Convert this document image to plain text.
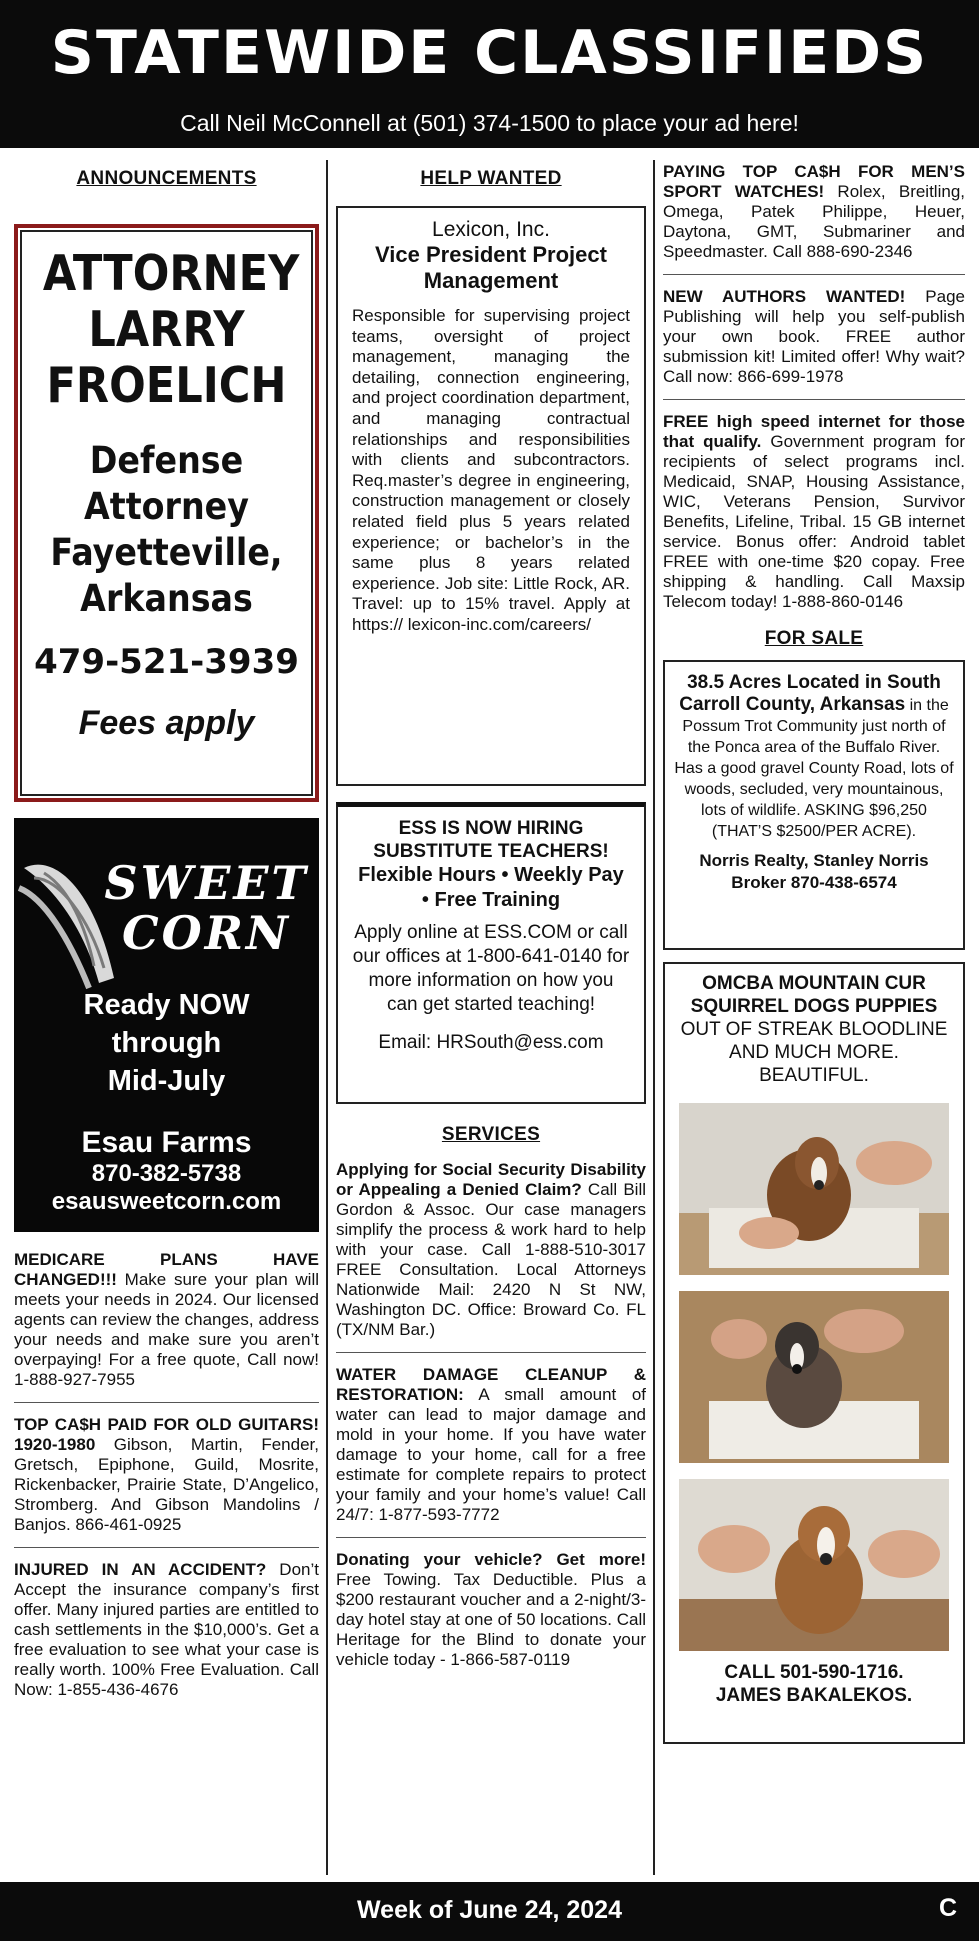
STATEWIDE CLASSIFIEDS
Call Neil McConnell at (501) 374-1500 to place your ad here!
ANNOUNCEMENTS
ATTORNEY
LARRY
FROELICH
Defense
Attorney
Fayetteville,
Arkansas
479-521-3939
Fees apply
SWEET
CORN
Ready NOW
through
Mid-July
Esau Farms
870-382-5738
esausweetcorn.com
MEDICARE PLANS HAVE CHANGED!!! Make sure your plan will meets your needs in 2024. Our licensed agents can review the changes, address your needs and make sure you aren’t overpaying! For a free quote, Call now! 1-888-927-7955
TOP CA$H PAID FOR OLD GUITARS! 1920-1980 Gibson, Martin, Fender, Gretsch, Epiphone, Guild, Mosrite, Rickenbacker, Prairie State, D’Angelico, Stromberg. And Gibson Mandolins / Banjos. 866-461-0925
INJURED IN AN ACCIDENT? Don’t Accept the insurance company’s first offer. Many injured parties are entitled to cash settlements in the $10,000’s. Get a free evaluation to see what your case is really worth. 100% Free Evaluation. Call Now: 1-855-436-4676
HELP WANTED
Lexicon, Inc.
Vice President Project Management
Responsible for supervising project teams, oversight of project management, managing the detailing, connection engineering, and project coordination department, and managing contractual relationships and responsibilities with clients and subcontractors. Req.master’s degree in engineering, construction management or closely related field plus 5 years related experience; or bachelor’s in the same plus 8 years related experience. Job site: Little Rock, AR. Travel: up to 15% travel. Apply at https:// lexicon-inc.com/careers/
ESS IS NOW HIRING SUBSTITUTE TEACHERS!
Flexible Hours • Weekly Pay • Free Training
Apply online at ESS.COM or call our offices at 1-800-641-0140 for more information on how you can get started teaching!
Email: HRSouth@ess.com
SERVICES
Applying for Social Security Disability or Appealing a Denied Claim? Call Bill Gordon & Assoc. Our case managers simplify the process & work hard to help with your case. Call 1-888-510-3017 FREE Consultation. Local Attorneys Nationwide Mail: 2420 N St NW, Washington DC. Office: Broward Co. FL (TX/NM Bar.)
WATER DAMAGE CLEANUP & RESTORATION: A small amount of water can lead to major damage and mold in your home. If you have water damage to your home, call for a free estimate for complete repairs to protect your family and your home’s value! Call 24/7: 1-877-593-7772
Donating your vehicle? Get more! Free Towing. Tax Deductible. Plus a $200 restaurant voucher and a 2-night/3-day hotel stay at one of 50 locations. Call Heritage for the Blind to donate your vehicle today - 1-866-587-0119
PAYING TOP CA$H FOR MEN’S SPORT WATCHES! Rolex, Breitling, Omega, Patek Philippe, Heuer, Daytona, GMT, Submariner and Speedmaster. Call 888-690-2346
NEW AUTHORS WANTED! Page Publishing will help you self-publish your own book. FREE author submission kit! Limited offer! Why wait? Call now: 866-699-1978
FREE high speed internet for those that qualify. Government program for recipients of select programs incl. Medicaid, SNAP, Housing Assistance, WIC, Veterans Pension, Survivor Benefits, Lifeline, Tribal. 15 GB internet service. Bonus offer: Android tablet FREE with one-time $20 copay. Free shipping & handling. Call Maxsip Telecom today! 1-888-860-0146
FOR SALE
38.5 Acres Located in South Carroll County, Arkansas in the Possum Trot Community just north of the Ponca area of the Buffalo River. Has a good gravel County Road, lots of woods, secluded, very mountainous, lots of wildlife. ASKING $96,250 (THAT’S $2500/PER ACRE).
Norris Realty, Stanley Norris Broker 870-438-6574
OMCBA MOUNTAIN CUR SQUIRREL DOGS PUPPIES OUT OF STREAK BLOODLINE AND MUCH MORE. BEAUTIFUL.
CALL 501-590-1716.
JAMES BAKALEKOS.
Week of June 24, 2024	C
